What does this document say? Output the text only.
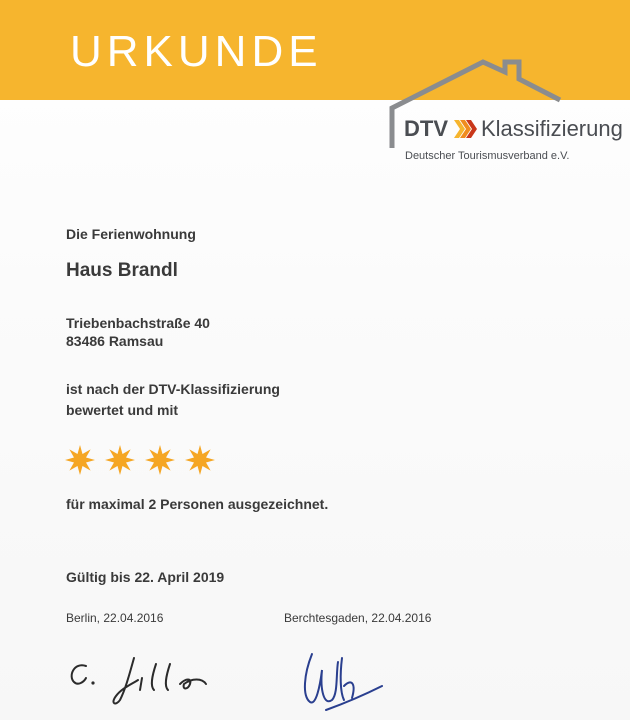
URKUNDE
DTV Klassifizierung
Deutscher Tourismusverband e.V.
Die Ferienwohnung
Haus Brandl
Triebenbachstraße 40
83486 Ramsau
ist nach der DTV-Klassifizierung
bewertet und mit
für maximal 2 Personen ausgezeichnet.
Gültig bis 22. April 2019
Berlin, 22.04.2016	Berchtesgaden, 22.04.2016
